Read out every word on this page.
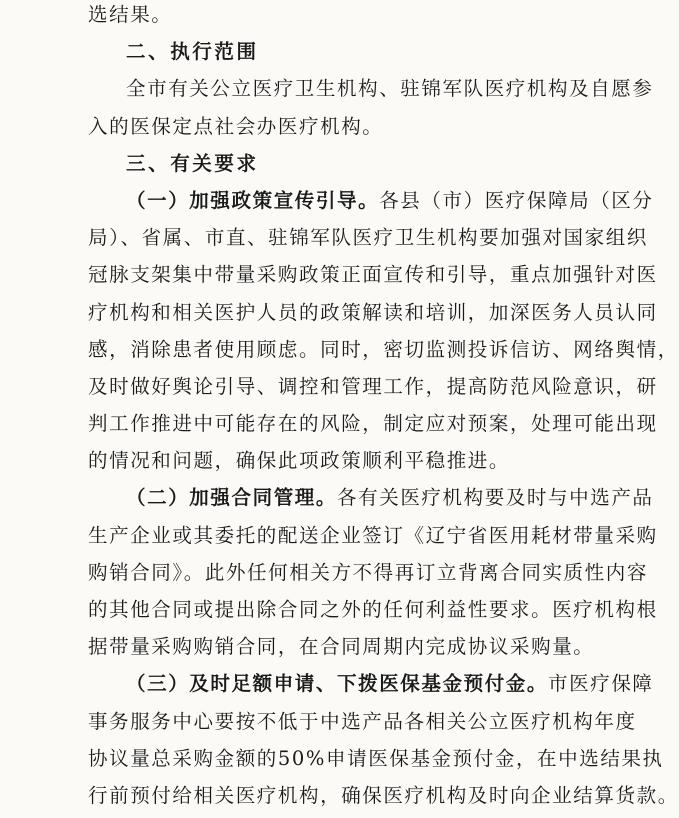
选结果。
二、执行范围
全市有关公立医疗卫生机构、驻锦军队医疗机构及自愿参
入的医保定点社会办医疗机构。
三、有关要求
（一）加强政策宣传引导。各县（市）医疗保障局（区分
局）、省属、市直、驻锦军队医疗卫生机构要加强对国家组织
冠脉支架集中带量采购政策正面宣传和引导，重点加强针对医
疗机构和相关医护人员的政策解读和培训，加深医务人员认同
感，消除患者使用顾虑。同时，密切监测投诉信访、网络舆情，
及时做好舆论引导、调控和管理工作，提高防范风险意识，研
判工作推进中可能存在的风险，制定应对预案，处理可能出现
的情况和问题，确保此项政策顺利平稳推进。
（二）加强合同管理。各有关医疗机构要及时与中选产品
生产企业或其委托的配送企业签订《辽宁省医用耗材带量采购
购销合同》。此外任何相关方不得再订立背离合同实质性内容
的其他合同或提出除合同之外的任何利益性要求。医疗机构根
据带量采购购销合同，在合同周期内完成协议采购量。
（三）及时足额申请、下拨医保基金预付金。市医疗保障
事务服务中心要按不低于中选产品各相关公立医疗机构年度
协议量总采购金额的50%申请医保基金预付金，在中选结果执
行前预付给相关医疗机构，确保医疗机构及时向企业结算货款。
